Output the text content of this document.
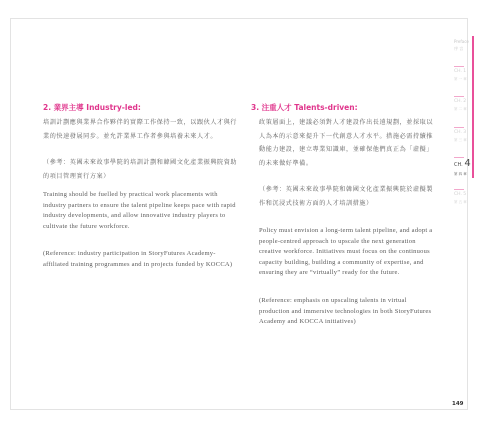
2. 業界主導 Industry-led:

培訓計劃應與業界合作夥伴的實際工作保持一致，以跟伙人才與行業的快速發展同步。並允許業界工作者參與培養未來人才。

（參考：英國未來故事學院的培訓計劃和韓國文化產業振興院資助的項目管理實行方案）

Training should be fuelled by practical work placements with industry partners to ensure the talent pipeline keeps pace with rapid industry developments, and allow innovative industry players to cultivate the future workforce.

(Reference: industry participation in StoryFutures Academy-affiliated training programmes and in projects funded by KOCCA)

3. 注重人才 Talents-driven:

政策層面上，建議必須對人才建設作出長遠規劃，並採取以人為本的示意來提升下一代創意人才水平。措施必需持續推動能力建設，建立專業知識庫，並確保他們真正為「虛擬」的未來做好準備。

（參考：英國未來故事學院和韓國文化產業振興院於虛擬製作和沉浸式技術方面的人才培訓措施）

Policy must envision a long-term talent pipeline, and adopt a people-centred approach to upscale the next generation creative workforce. Initiatives must focus on the continuous capacity building, building a community of expertise, and ensuring they are “virtually” ready for the future.

(Reference: emphasis on upscaling talents in virtual production and immersive technologies in both StoryFutures Academy and KOCCA initiatives)

Preface
序 言
CH. 1
第 一 章
CH. 2
第 二 章
CH. 3
第 三 章
CH. 4
第 四 章
CH. 5
第 五 章
149
